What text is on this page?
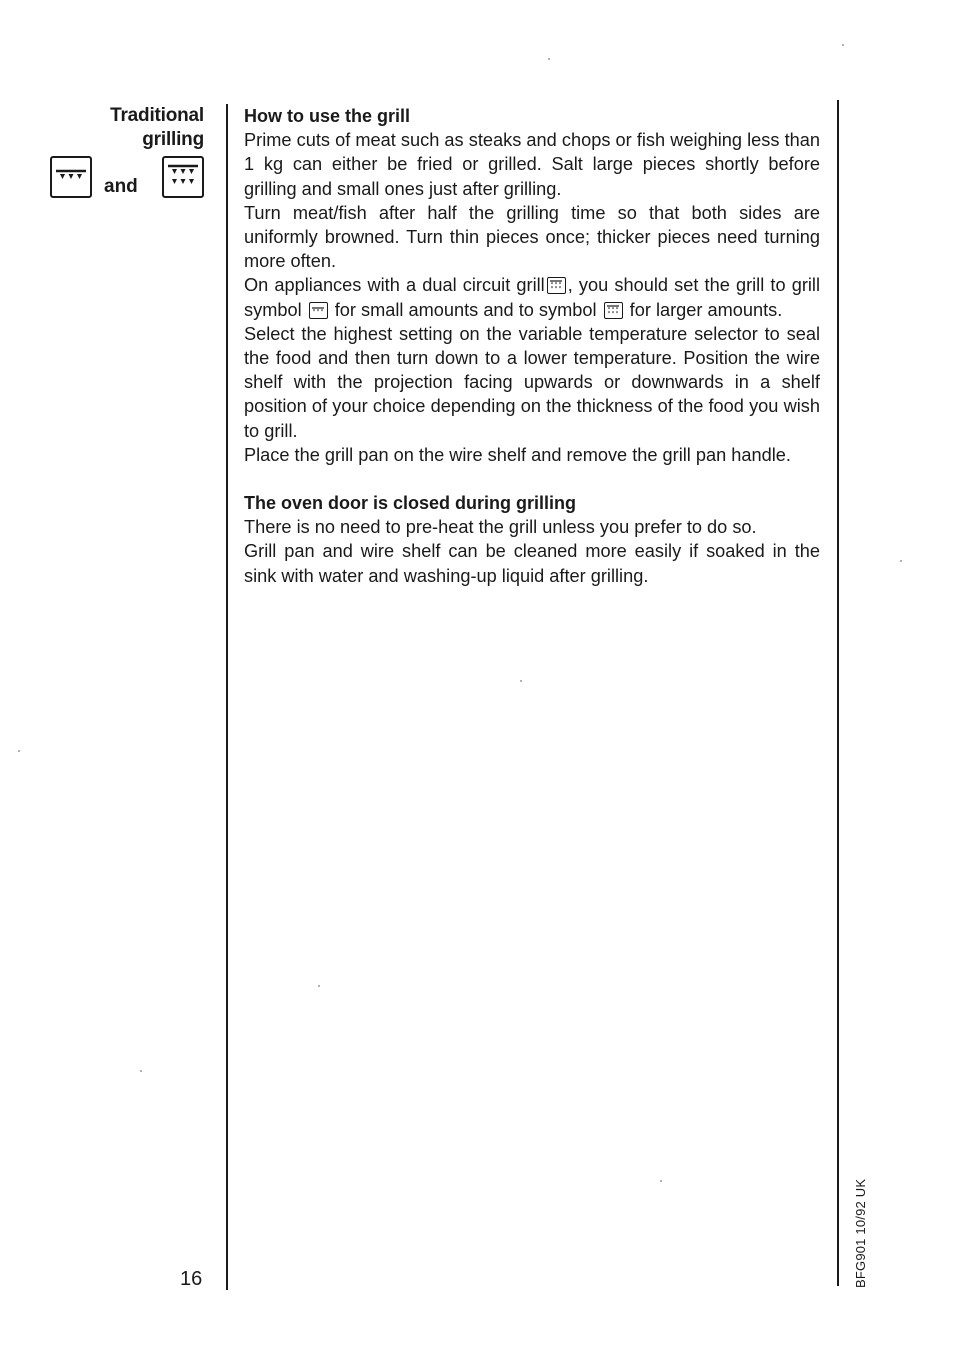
Traditional
grilling
and

How to use the grill

Prime cuts of meat such as steaks and chops or fish weighing less than 1 kg can either be fried or grilled. Salt large pieces shortly before grilling and small ones just after grilling.

Turn meat/fish after half the grilling time so that both sides are uniformly browned. Turn thin pieces once; thicker pieces need turning more often.

On appliances with a dual circuit grill , you should set the grill to grill symbol for small amounts and to symbol for larger amounts.

Select the highest setting on the variable temperature selector to seal the food and then turn down to a lower temperature. Position the wire shelf with the projection facing upwards or downwards in a shelf position of your choice depending on the thickness of the food you wish to grill.

Place the grill pan on the wire shelf and remove the grill pan handle.

The oven door is closed during grilling

There is no need to pre-heat the grill unless you prefer to do so.

Grill pan and wire shelf can be cleaned more easily if soaked in the sink with water and washing-up liquid after grilling.

16	BFG901 10/92 UK
